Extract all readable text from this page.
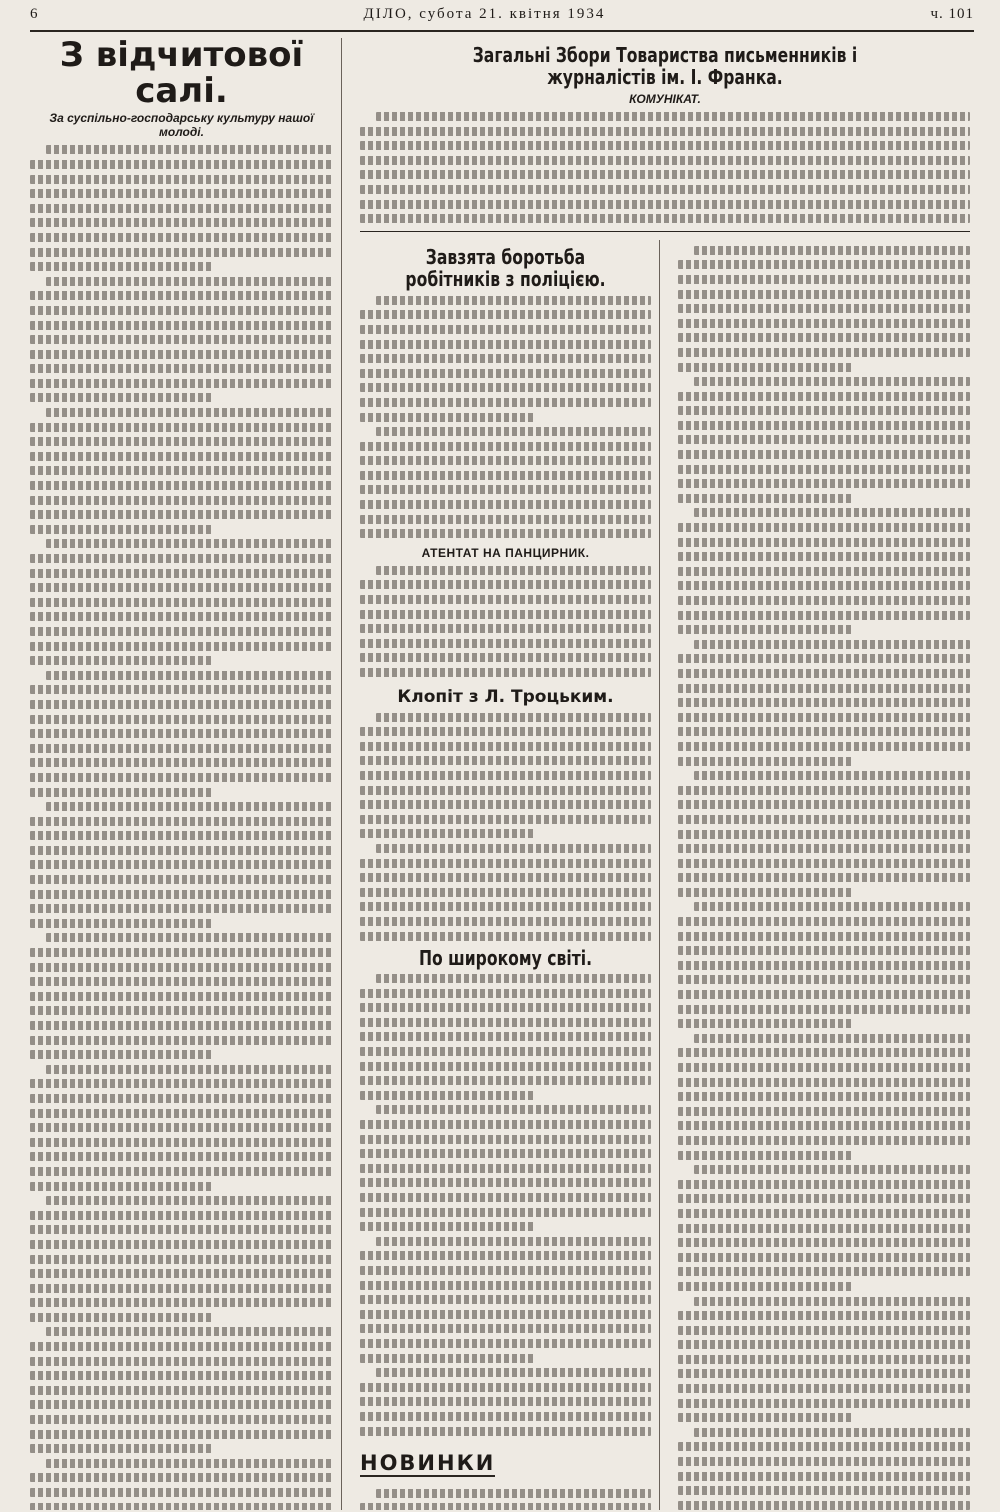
6	ДІЛО, субота 21. квітня 1934	ч. 101
З відчитової салі.
За суспільно-господарську культуру нашої молоді.
Загальні Збори Товариства письменників і журналістів ім. І. Франка.
КОМУНІКАТ.
Завзята боротьба робітників з поліцією.
АТЕНТАТ НА ПАНЦИРНИК.
Клопіт з Л. Троцьким.
По широкому світі.
НОВИНКИ
